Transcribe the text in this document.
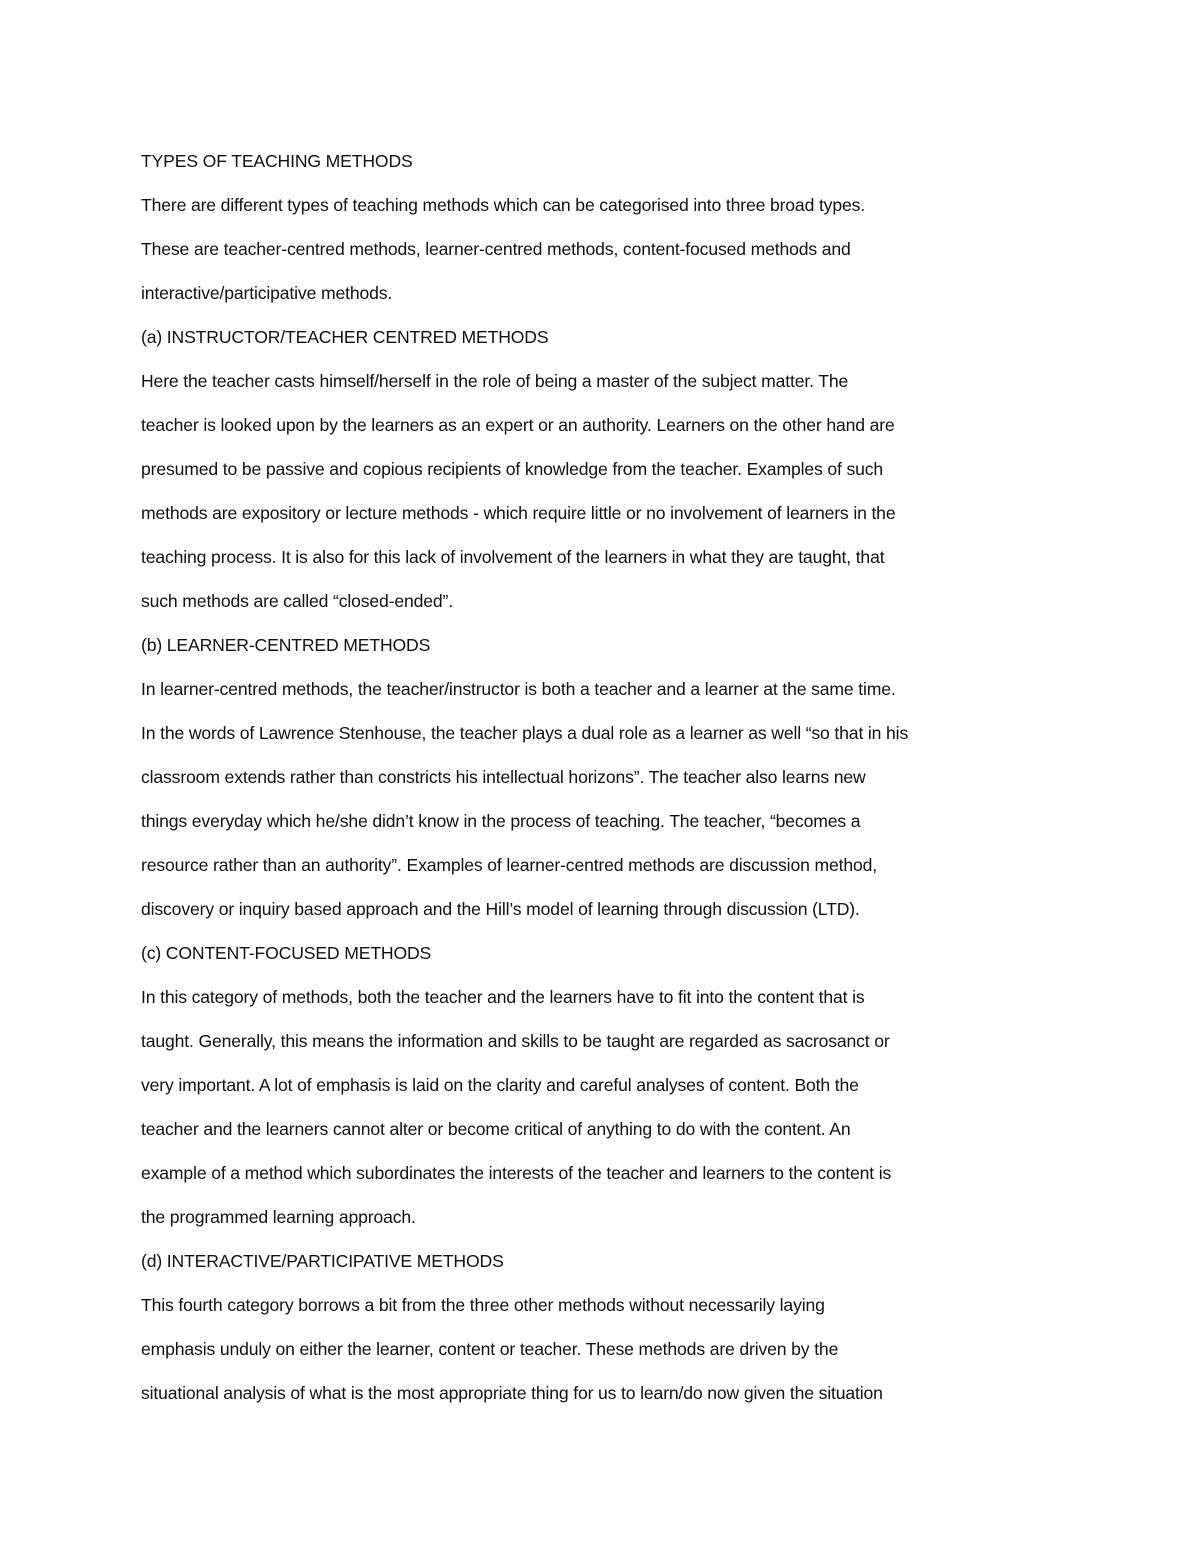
TYPES OF TEACHING METHODS
There are different types of teaching methods which can be categorised into three broad types.
These are teacher-centred methods, learner-centred methods, content-focused methods and
interactive/participative methods.
(a) INSTRUCTOR/TEACHER CENTRED METHODS
Here the teacher casts himself/herself in the role of being a master of the subject matter. The
teacher is looked upon by the learners as an expert or an authority. Learners on the other hand are
presumed to be passive and copious recipients of knowledge from the teacher. Examples of such
methods are expository or lecture methods - which require little or no involvement of learners in the
teaching process. It is also for this lack of involvement of the learners in what they are taught, that
such methods are called “closed-ended”.
(b) LEARNER-CENTRED METHODS
In learner-centred methods, the teacher/instructor is both a teacher and a learner at the same time.
In the words of Lawrence Stenhouse, the teacher plays a dual role as a learner as well “so that in his
classroom extends rather than constricts his intellectual horizons”. The teacher also learns new
things everyday which he/she didn’t know in the process of teaching. The teacher, “becomes a
resource rather than an authority”. Examples of learner-centred methods are discussion method,
discovery or inquiry based approach and the Hill’s model of learning through discussion (LTD).
(c) CONTENT-FOCUSED METHODS
In this category of methods, both the teacher and the learners have to fit into the content that is
taught. Generally, this means the information and skills to be taught are regarded as sacrosanct or
very important. A lot of emphasis is laid on the clarity and careful analyses of content. Both the
teacher and the learners cannot alter or become critical of anything to do with the content. An
example of a method which subordinates the interests of the teacher and learners to the content is
the programmed learning approach.
(d) INTERACTIVE/PARTICIPATIVE METHODS
This fourth category borrows a bit from the three other methods without necessarily laying
emphasis unduly on either the learner, content or teacher. These methods are driven by the
situational analysis of what is the most appropriate thing for us to learn/do now given the situation
